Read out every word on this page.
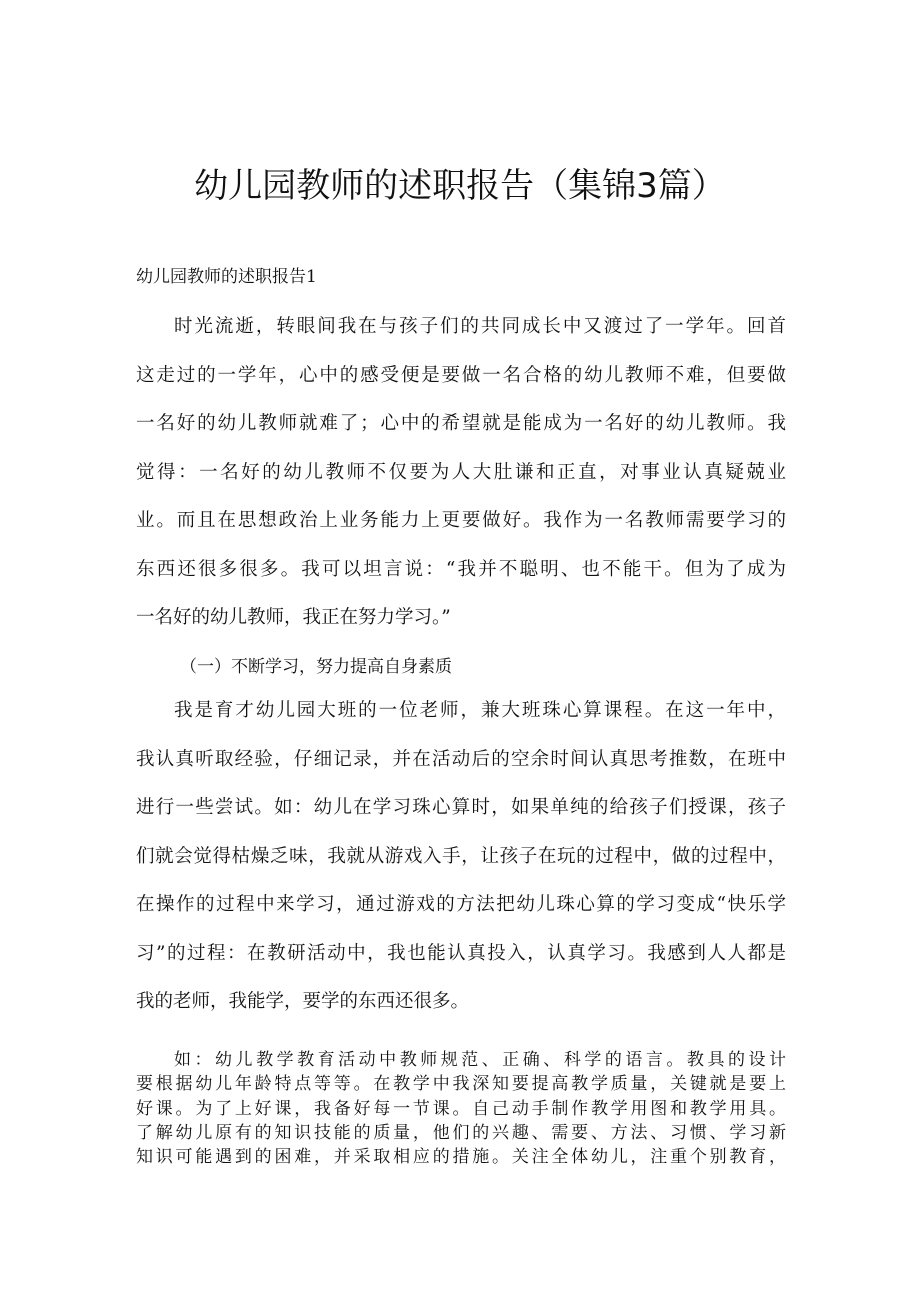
幼儿园教师的述职报告（集锦3篇）
幼儿园教师的述职报告1
时光流逝，转眼间我在与孩子们的共同成长中又渡过了一学年。回首
这走过的一学年，心中的感受便是要做一名合格的幼儿教师不难，但要做
一名好的幼儿教师就难了；心中的希望就是能成为一名好的幼儿教师。我
觉得：一名好的幼儿教师不仅要为人大肚谦和正直，对事业认真疑兢业
业。而且在思想政治上业务能力上更要做好。我作为一名教师需要学习的
东西还很多很多。我可以坦言说：“我并不聪明、也不能干。但为了成为
一名好的幼儿教师，我正在努力学习。”
（一）不断学习，努力提高自身素质
我是育才幼儿园大班的一位老师，兼大班珠心算课程。在这一年中，
我认真听取经验，仔细记录，并在活动后的空余时间认真思考推数，在班中
进行一些尝试。如：幼儿在学习珠心算时，如果单纯的给孩子们授课，孩子
们就会觉得枯燥乏味，我就从游戏入手，让孩子在玩的过程中，做的过程中，
在操作的过程中来学习，通过游戏的方法把幼儿珠心算的学习变成“快乐学
习”的过程：在教研活动中，我也能认真投入，认真学习。我感到人人都是
我的老师，我能学，要学的东西还很多。
如：幼儿教学教育活动中教师规范、正确、科学的语言。教具的设计
要根据幼儿年龄特点等等。在教学中我深知要提高教学质量，关键就是要上
好课。为了上好课，我备好每一节课。自己动手制作教学用图和教学用具。
了解幼儿原有的知识技能的质量，他们的兴趣、需要、方法、习惯、学习新
知识可能遇到的困难，并采取相应的措施。关注全体幼儿，注重个别教育，
